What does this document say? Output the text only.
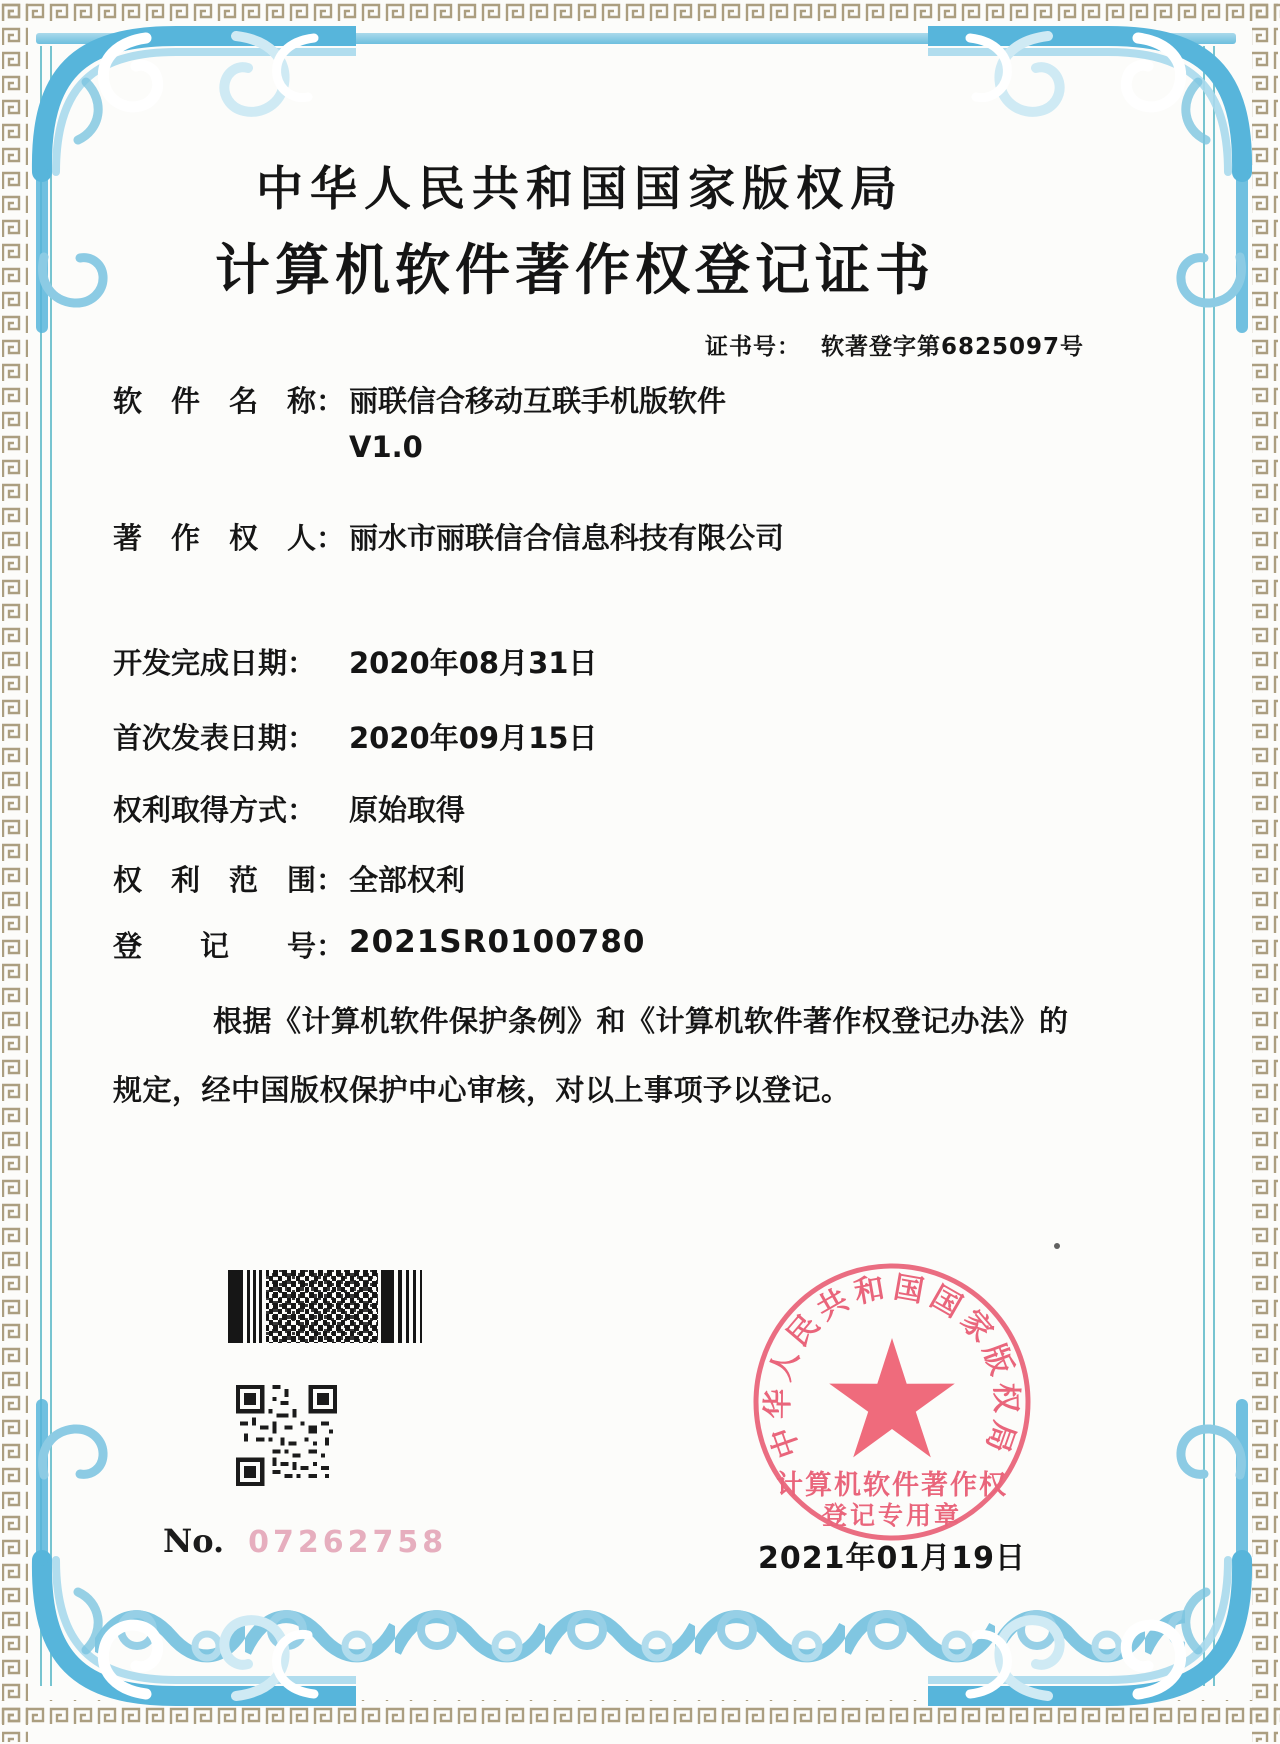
中华人民共和国国家版权局
计算机软件著作权登记证书
证书号： 软著登字第6825097号
软　件　名　称： 丽联信合移动互联手机版软件
V1.0
著　作　权　人： 丽水市丽联信合信息科技有限公司
开发完成日期： 2020年08月31日
首次发表日期： 2020年09月15日
权利取得方式： 原始取得
权　利　范　围： 全部权利
登　　记　　号： 2021SR0100780
根据《计算机软件保护条例》和《计算机软件著作权登记办法》的
规定，经中国版权保护中心审核，对以上事项予以登记。
No. 07262758
中华人民共和国国家版权局
计算机软件著作权
登记专用章
2021年01月19日
